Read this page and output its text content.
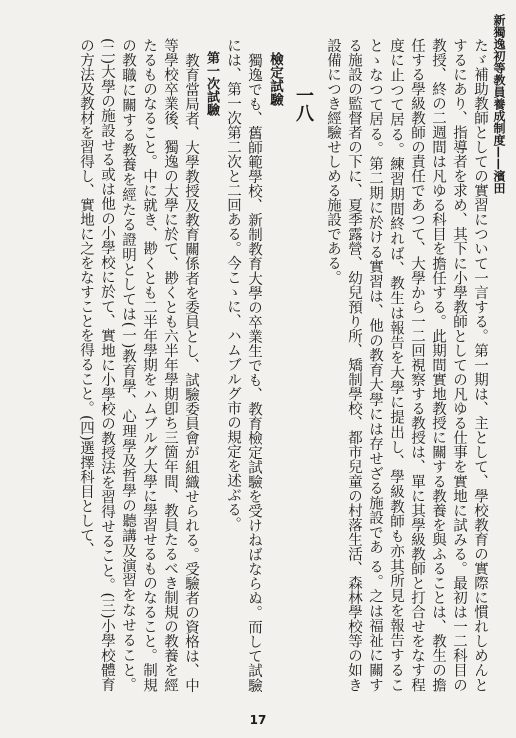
新獨逸初等教員養成制度——濱田

たゞ補助教師としての實習について一言する。第一期は、主として、學校教育の實際に慣れしめんとするにあり、指導者を求め、其下に小學教師としての凡ゆる仕事を實地に試みる。最初は一二科目の教授、終の二週間は凡ゆる科目を擔任する。此期間實地教授に關する教養を與ふることは、教生の擔任する學級教師の責任であつて、大學から一二回視察する教授は、單に其學級教師と打合せをなす程度に止つて居る。練習期間終れば、教生は報告を大學に提出し、學級教師も亦其所見を報告することゝなつて居る。第二期に於ける實習は、他の教育大學には存せざる施設であ る。之は福祉に關する施設の監督者の下に、夏季露營、幼兒預り所、矯制學校、都市兒童の村落生活、森林學校等の如き設備につき經驗せしめる施設である。

一八

檢定試驗

獨逸でも、舊師範學校、新制教育大學の卒業生でも、教育檢定試驗を受けねばならぬ。而して試驗には、第一次第二次と二回ある。今こゝに、ハムブルグ市の規定を述ぶる。

第一次試驗

教育當局者、大學教授及教育關係者を委員とし、試驗委員會が組織せられる。受驗者の資格は、中等學校卒業後、獨逸の大學に於て、尠くとも六半年學期卽ち三箇年間、教員たるべき制規の教養を經たるものなること。中に就き、尠くとも二半年學期をハムブルグ大學に學習せるものなること。制規の教職に關する教養を經たる證明としては(一)教育學、心理學及哲學の聽講及演習をなせること。(二)大學の施設せる或は他の小學校に於て、實地に小學校の教授法を習得せること。(三)小學校體育の方法及教材を習得し、實地に之をなすことを得ること。(四)選擇科目として、

17
